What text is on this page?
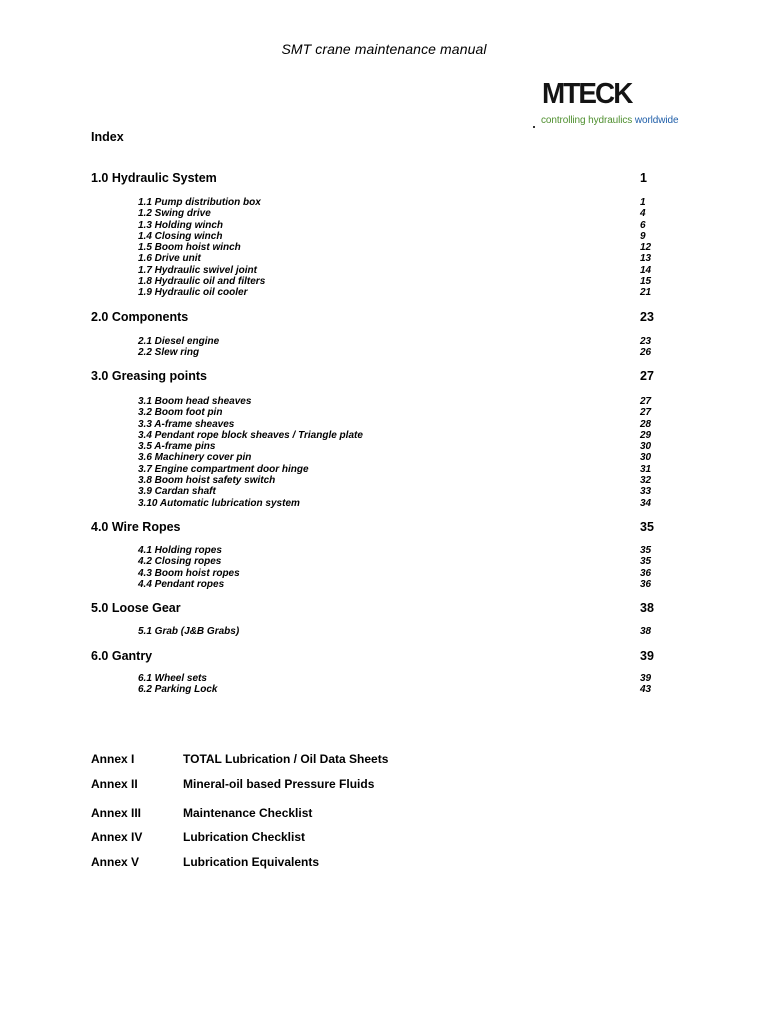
SMT crane maintenance manual
MTECK
controlling hydraulics worldwide
Index
1.0 Hydraulic System	1
1.1 Pump distribution box	1
1.2 Swing drive	4
1.3 Holding winch	6
1.4 Closing winch	9
1.5 Boom hoist winch	12
1.6 Drive unit	13
1.7 Hydraulic swivel joint	14
1.8 Hydraulic oil and filters	15
1.9 Hydraulic oil cooler	21
2.0 Components	23
2.1 Diesel engine	23
2.2 Slew ring	26
3.0 Greasing points	27
3.1 Boom head sheaves	27
3.2 Boom foot pin	27
3.3 A-frame sheaves	28
3.4 Pendant rope block sheaves / Triangle plate	29
3.5 A-frame pins	30
3.6 Machinery cover pin	30
3.7 Engine compartment door hinge	31
3.8 Boom hoist safety switch	32
3.9 Cardan shaft	33
3.10 Automatic lubrication system	34
4.0 Wire Ropes	35
4.1 Holding ropes	35
4.2 Closing ropes	35
4.3 Boom hoist ropes	36
4.4 Pendant ropes	36
5.0 Loose Gear	38
5.1 Grab (J&B Grabs)	38
6.0 Gantry	39
6.1 Wheel sets	39
6.2 Parking Lock	43
Annex I	TOTAL Lubrication / Oil Data Sheets
Annex II	Mineral-oil based Pressure Fluids
Annex III	Maintenance Checklist
Annex IV	Lubrication Checklist
Annex V	Lubrication Equivalents
